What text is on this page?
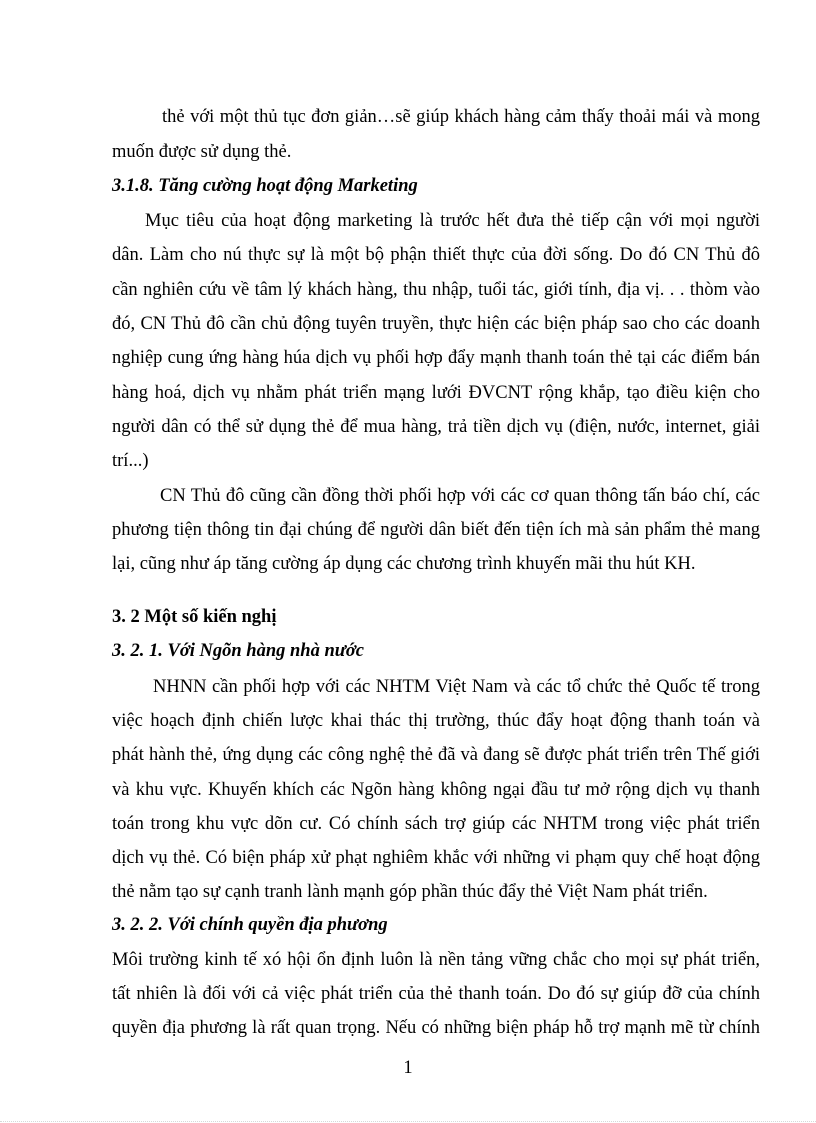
thẻ với một thủ tục đơn giản…sẽ giúp khách hàng cảm thấy thoải mái và mong
muốn được sử dụng thẻ.
3.1.8. Tăng cường hoạt động Marketing
Mục tiêu của hoạt động marketing là trước hết đưa thẻ tiếp cận với mọi người
dân. Làm cho nú thực sự là một bộ phận thiết thực của đời sống. Do đó CN Thủ đô
cần nghiên cứu về tâm lý khách hàng, thu nhập, tuổi tác, giới tính, địa vị. . . thòm vào
đó, CN Thủ đô cần chủ động tuyên truyền, thực hiện các biện pháp sao cho các doanh
nghiệp cung ứng hàng húa dịch vụ phối hợp đẩy mạnh thanh toán thẻ tại các điểm bán
hàng hoá, dịch vụ nhằm phát triển mạng lưới ĐVCNT rộng khắp, tạo điều kiện cho
người dân có thể sử dụng thẻ để mua hàng, trả tiền dịch vụ (điện, nước, internet, giải
trí...)
CN Thủ đô cũng cần đồng thời phối hợp với các cơ quan thông tấn báo chí, các
phương tiện thông tin đại chúng để người dân biết đến tiện ích mà sản phẩm thẻ mang
lại, cũng như áp tăng cường áp dụng các chương trình khuyến mãi thu hút KH.
3. 2 Một số kiến nghị
3. 2. 1. Với Ngõn hàng nhà nước
NHNN cần phối hợp với các NHTM Việt Nam và các tổ chức thẻ Quốc tế trong
việc hoạch định chiến lược khai thác thị trường, thúc đẩy hoạt động thanh toán và
phát hành thẻ, ứng dụng các công nghệ thẻ đã và đang sẽ được phát triển trên Thế giới
và khu vực. Khuyến khích các Ngõn hàng không ngại đầu tư mở rộng dịch vụ thanh
toán trong khu vực dõn cư. Có chính sách trợ giúp các NHTM trong việc phát triển
dịch vụ thẻ. Có biện pháp xử phạt nghiêm khắc với những vi phạm quy chế hoạt động
thẻ nằm tạo sự cạnh tranh lành mạnh góp phần thúc đẩy thẻ Việt Nam phát triển.
3. 2. 2. Với chính quyền địa phương
Môi trường kinh tế xó hội ổn định luôn là nền tảng vững chắc cho mọi sự phát triển,
tất nhiên là đối với cả việc phát triển của thẻ thanh toán. Do đó sự giúp đỡ của chính
quyền địa phương là rất quan trọng. Nếu có những biện pháp hỗ trợ mạnh mẽ từ chính
1
